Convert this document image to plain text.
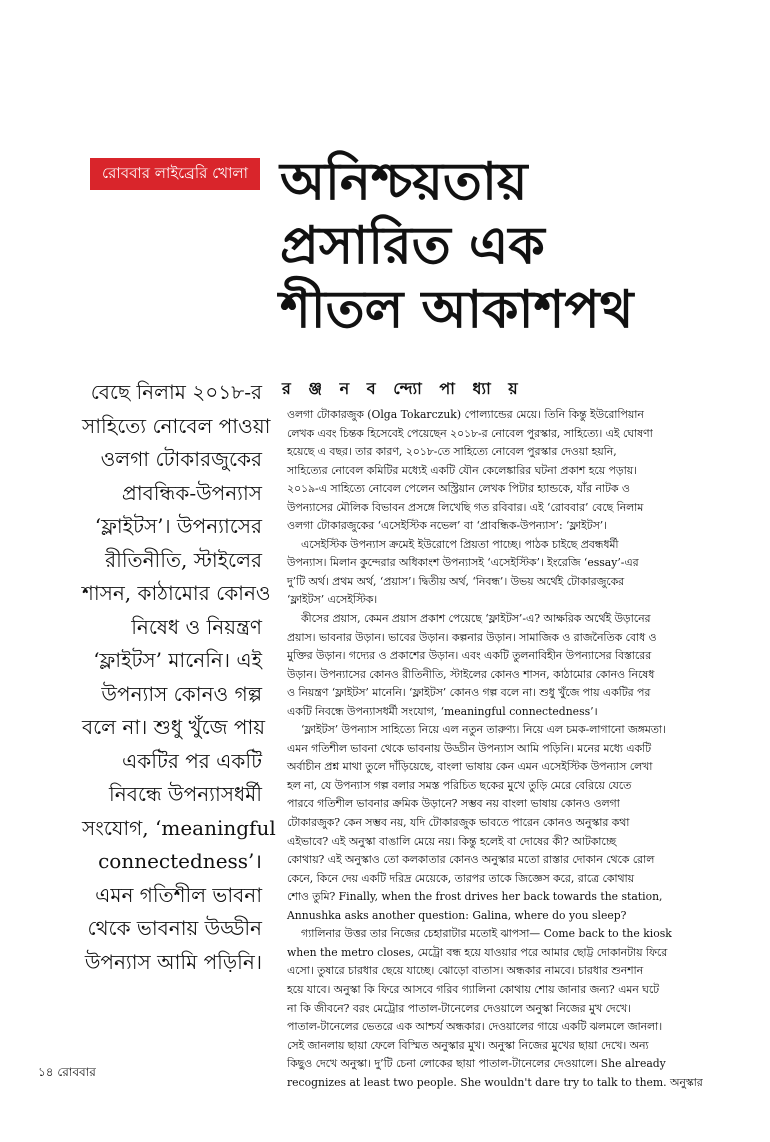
রোববার লাইব্রেরি খোলা অনিশ্চয়তায়
প্রসারিত এক
শীতল আকাশপথ
র ঞ্জ ন ব ন্দ্যো পা ধ্যা য়
বেছে নিলাম ২০১৮-র
সাহিত্যে নোবেল পাওয়া
ওলগা টোকারজুকের
প্রাবন্ধিক-উপন্যাস
‘ফ্লাইটস’। উপন্যাসের
রীতিনীতি, স্টাইলের
শাসন, কাঠামোর কোনও
নিষেধ ও নিয়ন্ত্রণ
‘ফ্লাইটস’ মানেনি। এই
উপন্যাস কোনও গল্প
বলে না। শুধু খুঁজে পায়
একটির পর একটি
নিবন্ধে উপন্যাসধর্মী
সংযোগ, ‘meaningful
connectedness’।
এমন গতিশীল ভাবনা
থেকে ভাবনায় উড্ডীন
উপন্যাস আমি পড়িনি।
ওলগা টোকারজুক (Olga Tokarczuk) পোল্যান্ডের মেয়ে। তিনি কিন্তু ইউরোপিয়ান
লেখক এবং চিন্তক হিসেবেই পেয়েছেন ২০১৮-র নোবেল পুরস্কার, সাহিত্যে। এই ঘোষণা
হয়েছে এ বছর। তার কারণ, ২০১৮-তে সাহিত্যে নোবেল পুরস্কার দেওয়া হয়নি,
সাহিত্যের নোবেল কমিটির মধ্যেই একটি যৌন কেলেঙ্কারির ঘটনা প্রকাশ হয়ে পড়ায়।
২০১৯-এ সাহিত্যে নোবেল পেলেন অস্ট্রিয়ান লেখক পিটার হ্যান্ডকে, যাঁর নাটক ও
উপন্যাসের মৌলিক বিভাবন প্রসঙ্গে লিখেছি গত রবিবার। এই ‘রোববার’ বেছে নিলাম
ওলগা টোকারজুকের ‘এসেইস্টিক নভেল’ বা ‘প্রাবন্ধিক-উপন্যাস’: ‘ফ্লাইটস’।
এসেইস্টিক উপন্যাস ক্রমেই ইউরোপে প্রিয়তা পাচ্ছে। পাঠক চাইছে প্রবন্ধধর্মী
উপন্যাস। মিলান কুন্দেরার অধিকাংশ উপন্যাসই ‘এসেইস্টিক’। ইংরেজি ‘essay’-এর
দু’টি অর্থ। প্রথম অর্থ, ‘প্রয়াস’। দ্বিতীয় অর্থ, ‘নিবন্ধ’। উভয় অর্থেই টোকারজুকের
‘ফ্লাইটস’ এসেইস্টিক।
কীসের প্রয়াস, কেমন প্রয়াস প্রকাশ পেয়েছে ‘ফ্লাইটস’-এ? আক্ষরিক অর্থেই উড়ানের
প্রয়াস। ভাবনার উড়ান। ভাবের উড়ান। কল্পনার উড়ান। সামাজিক ও রাজনৈতিক বোধ ও
মুক্তির উড়ান। গদ্যের ও প্রকাশের উড়ান। এবং একটি তুলনাবিহীন উপন্যাসের বিস্তারের
উড়ান। উপন্যাসের কোনও রীতিনীতি, স্টাইলের কোনও শাসন, কাঠামোর কোনও নিষেধ
ও নিয়ন্ত্রণ ‘ফ্লাইটস’ মানেনি। ‘ফ্লাইটস’ কোনও গল্প বলে না। শুধু খুঁজে পায় একটির পর
একটি নিবন্ধে উপন্যাসধর্মী সংযোগ, ‘meaningful connectedness’।
‘ফ্লাইটস’ উপন্যাস সাহিত্যে নিয়ে এল নতুন তারুণ্য। নিয়ে এল চমক-লাগানো জঙ্গমতা।
এমন গতিশীল ভাবনা থেকে ভাবনায় উড্ডীন উপন্যাস আমি পড়িনি। মনের মধ্যে একটি
অর্বাচীন প্রশ্ন মাথা তুলে দাঁড়িয়েছে, বাংলা ভাষায় কেন এমন এসেইস্টিক উপন্যাস লেখা
হল না, যে উপন্যাস গল্প বলার সমস্ত পরিচিত ছকের মুখে তুড়ি মেরে বেরিয়ে যেতে
পারবে গতিশীল ভাবনার ক্রমিক উড়ানে? সম্ভব নয় বাংলা ভাষায় কোনও ওলগা
টোকারজুক? কেন সম্ভব নয়, যদি টোকারজুক ভাবতে পারেন কোনও অনুস্কার কথা
এইভাবে? এই অনুস্কা বাঙালি মেয়ে নয়। কিন্তু হলেই বা দোষের কী? আটকাচ্ছে
কোথায়? এই অনুস্কাও তো কলকাতার কোনও অনুস্কার মতো রাস্তার দোকান থেকে রোল
কেনে, কিনে দেয় একটি দরিদ্র মেয়েকে, তারপর তাকে জিজ্ঞেস করে, রাত্রে কোথায়
শোও তুমি? Finally, when the frost drives her back towards the station,
Annushka asks another question: Galina, where do you sleep?
গ্যালিনার উত্তর তার নিজের চেহারাটার মতোই ঝাপসা— Come back to the kiosk
when the metro closes, মেট্রো বন্ধ হয়ে যাওয়ার পরে আমার ছোট্ট দোকানটায় ফিরে
এসো। তুষারে চারধার ছেয়ে যাচ্ছে। ঝোড়ো বাতাস। অন্ধকার নামবে। চারধার শুনশান
হয়ে যাবে। অনুস্কা কি ফিরে আসবে গরিব গ্যালিনা কোথায় শোয় জানার জন্য? এমন ঘটে
না কি জীবনে? বরং মেট্রোর পাতাল-টানেলের দেওয়ালে অনুস্কা নিজের মুখ দেখে।
পাতাল-টানেলের ভেতরে এক আশ্চর্য অন্ধকার। দেওয়ালের গায়ে একটি ঝলমলে জানলা।
সেই জানলায় ছায়া ফেলে বিস্মিত অনুস্কার মুখ। অনুস্কা নিজের মুখের ছায়া দেখে। অন্য
কিছুও দেখে অনুস্কা। দু’টি চেনা লোকের ছায়া পাতাল-টানেলের দেওয়ালে। She already
recognizes at least two people. She wouldn't dare try to talk to them. অনুস্কার
১৪ রোববার
